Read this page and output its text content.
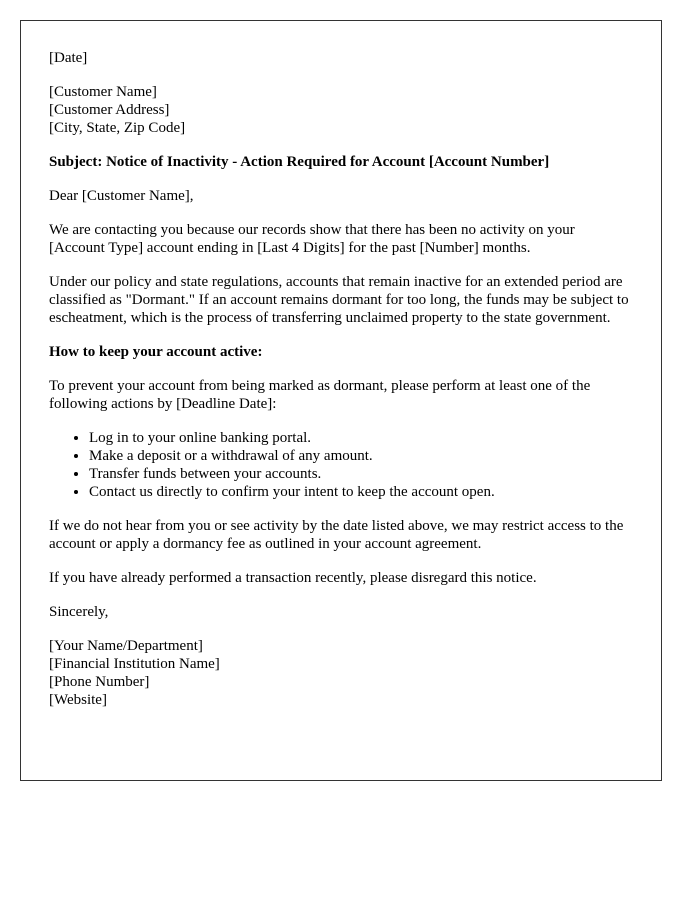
[Date]

[Customer Name]
[Customer Address]
[City, State, Zip Code]

Subject: Notice of Inactivity - Action Required for Account [Account Number]

Dear [Customer Name],

We are contacting you because our records show that there has been no activity on your [Account Type] account ending in [Last 4 Digits] for the past [Number] months.

Under our policy and state regulations, accounts that remain inactive for an extended period are classified as "Dormant." If an account remains dormant for too long, the funds may be subject to escheatment, which is the process of transferring unclaimed property to the state government.

How to keep your account active:

To prevent your account from being marked as dormant, please perform at least one of the following actions by [Deadline Date]:

• Log in to your online banking portal.
• Make a deposit or a withdrawal of any amount.
• Transfer funds between your accounts.
• Contact us directly to confirm your intent to keep the account open.

If we do not hear from you or see activity by the date listed above, we may restrict access to the account or apply a dormancy fee as outlined in your account agreement.

If you have already performed a transaction recently, please disregard this notice.

Sincerely,

[Your Name/Department]
[Financial Institution Name]
[Phone Number]
[Website]
